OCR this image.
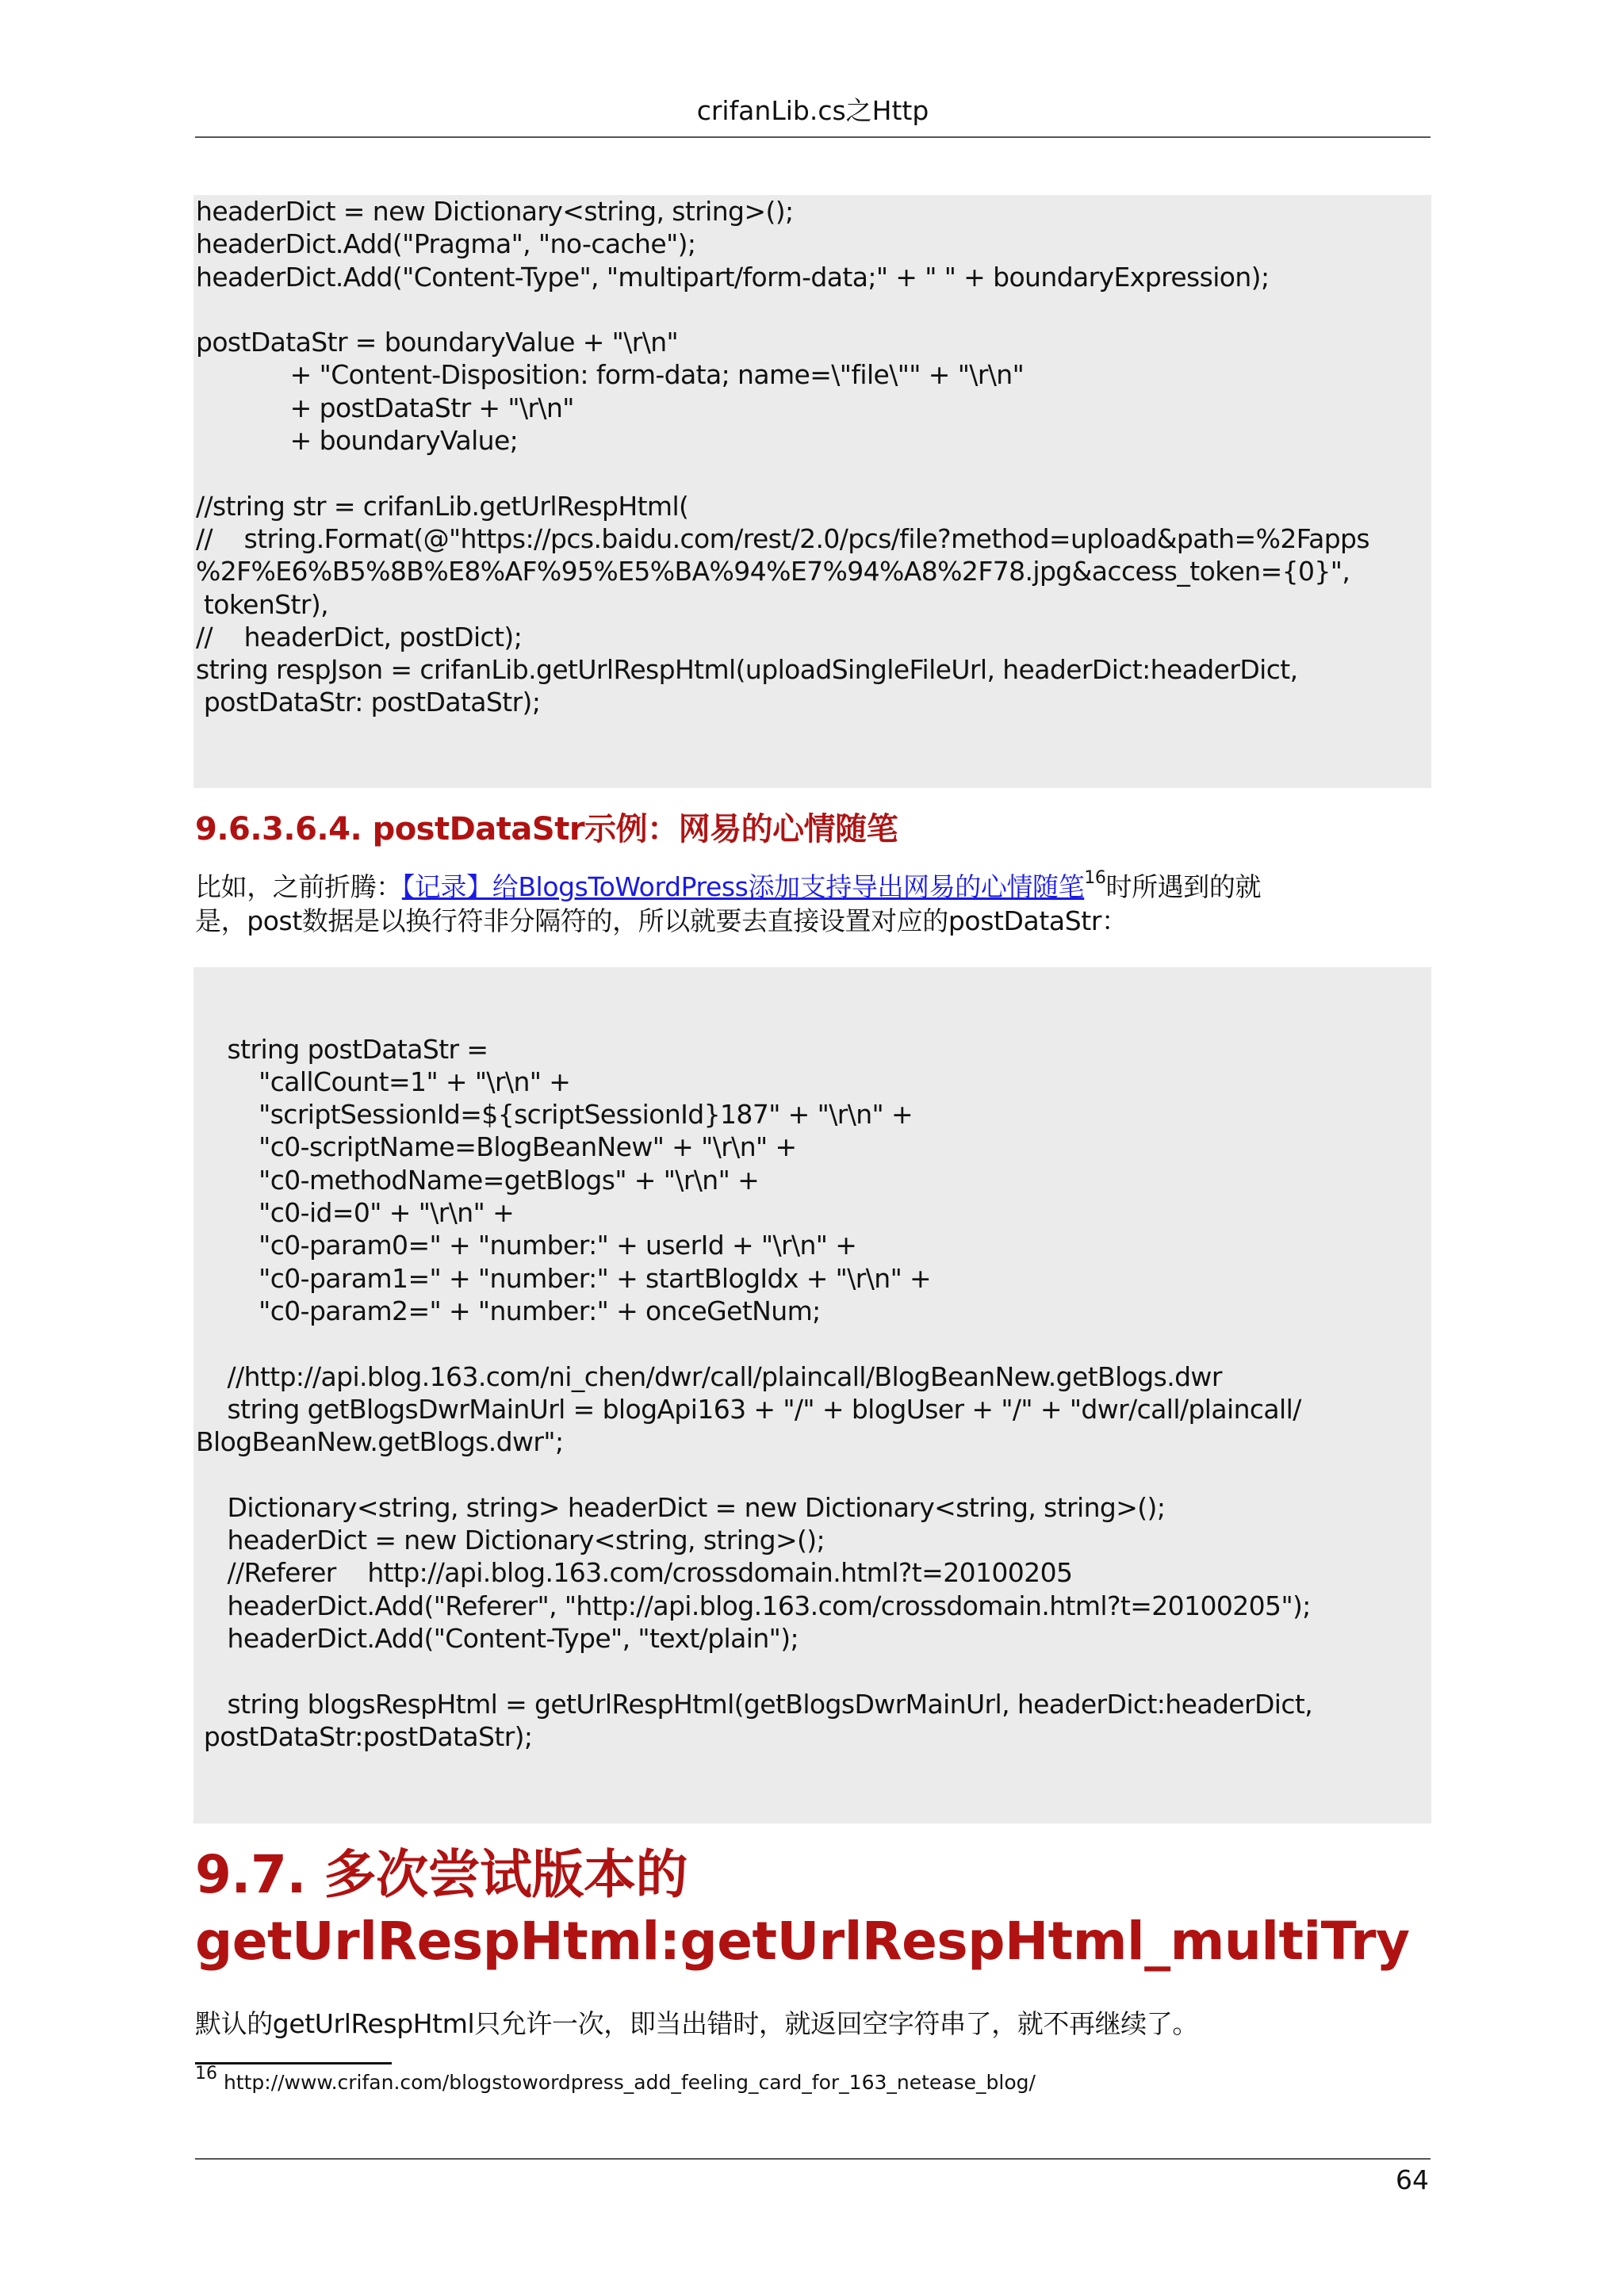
crifanLib.cs之Http
headerDict = new Dictionary<string, string>();
headerDict.Add("Pragma", "no-cache");
headerDict.Add("Content-Type", "multipart/form-data;" + " " + boundaryExpression);
postDataStr = boundaryValue + "\r\n"
+ "Content-Disposition: form-data; name=\"file\"" + "\r\n"
+ postDataStr + "\r\n"
+ boundaryValue;
//string str = crifanLib.getUrlRespHtml(
//    string.Format(@"https://pcs.baidu.com/rest/2.0/pcs/file?method=upload&path=%2Fapps
%2F%E6%B5%8B%E8%AF%95%E5%BA%94%E7%94%A8%2F78.jpg&access_token={0}",
tokenStr),
//    headerDict, postDict);
string respJson = crifanLib.getUrlRespHtml(uploadSingleFileUrl, headerDict:headerDict,
postDataStr: postDataStr);
9.6.3.6.4. postDataStr示例：网易的心情随笔
比如，之前折腾：【记录】给BlogsToWordPress添加支持导出网易的心情随笔$^{16}$时所遇到的就
是，post数据是以换行符非分隔符的，所以就要去直接设置对应的postDataStr：
string postDataStr =
"callCount=1" + "\r\n" +
"scriptSessionId=${scriptSessionId}187" + "\r\n" +
"c0-scriptName=BlogBeanNew" + "\r\n" +
"c0-methodName=getBlogs" + "\r\n" +
"c0-id=0" + "\r\n" +
"c0-param0=" + "number:" + userId + "\r\n" +
"c0-param1=" + "number:" + startBlogIdx + "\r\n" +
"c0-param2=" + "number:" + onceGetNum;
//http://api.blog.163.com/ni_chen/dwr/call/plaincall/BlogBeanNew.getBlogs.dwr
string getBlogsDwrMainUrl = blogApi163 + "/" + blogUser + "/" + "dwr/call/plaincall/
BlogBeanNew.getBlogs.dwr";
Dictionary<string, string> headerDict = new Dictionary<string, string>();
headerDict = new Dictionary<string, string>();
//Referer    http://api.blog.163.com/crossdomain.html?t=20100205
headerDict.Add("Referer", "http://api.blog.163.com/crossdomain.html?t=20100205");
headerDict.Add("Content-Type", "text/plain");
string blogsRespHtml = getUrlRespHtml(getBlogsDwrMainUrl, headerDict:headerDict,
postDataStr:postDataStr);
9.7. 多次尝试版本的
getUrlRespHtml:getUrlRespHtml_multiTry
默认的getUrlRespHtml只允许一次，即当出错时，就返回空字符串了，就不再继续了。
$^{16}$ http://www.crifan.com/blogstowordpress_add_feeling_card_for_163_netease_blog/
64
